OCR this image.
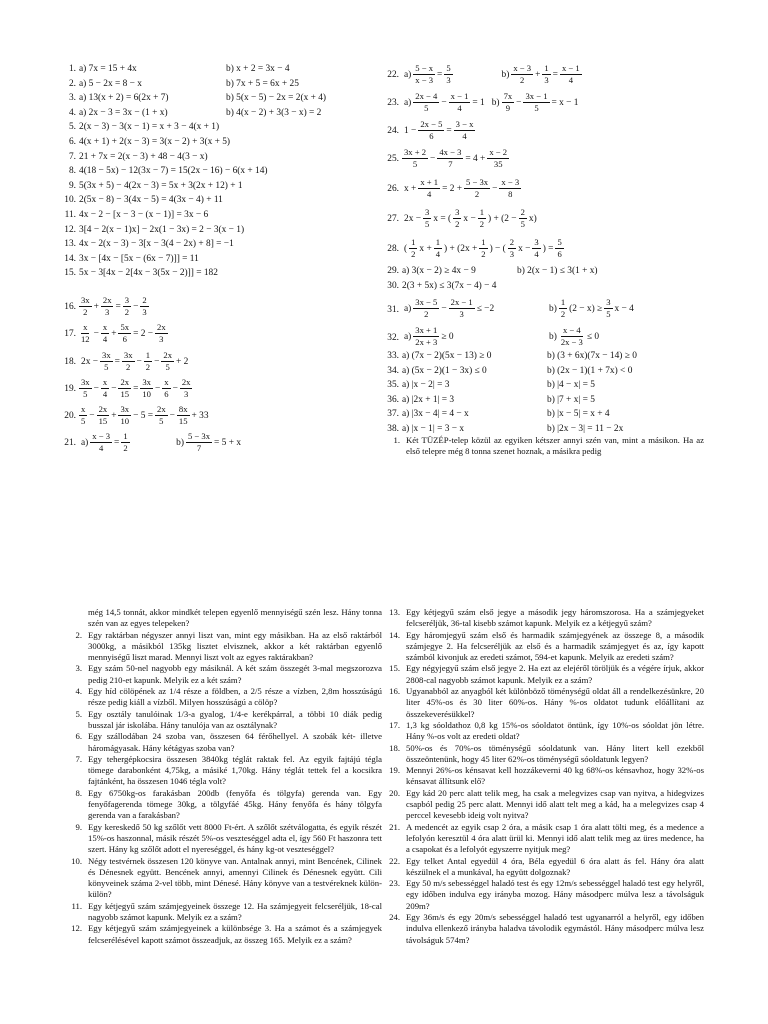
1. a) 7x = 15 + 4x	b) x + 2 = 3x − 4
2. a) 5 − 2x = 8 − x	b) 7x + 5 = 6x + 25
3. a) 13(x + 2) = 6(2x + 7)	b) 5(x − 5) − 2x = 2(x + 4)
4. a) 2x − 3 = 3x − (1 + x)	b) 4(x − 2) + 3(3 − x) = 2
5. 2(x − 3) − 3(x − 1) = x + 3 − 4(x + 1)
6. 4(x + 1) + 2(x − 3) = 3(x − 2) + 3(x + 5)
7. 21 + 7x = 2(x − 3) + 48 − 4(3 − x)
8. 4(18 − 5x) − 12(3x − 7) = 15(2x − 16) − 6(x + 14)
9. 5(3x + 5) − 4(2x − 3) = 5x + 3(2x + 12) + 1
10. 2(5x − 8) − 3(4x − 5) = 4(3x − 4) + 11
11. 4x − 2 − [x − 3 − (x − 1)] = 3x − 6
12. 3[4 − 2(x − 1)x] − 2x(1 − 3x) = 2 − 3(x − 1)
13. 4x − 2(x − 3) − 3[x − 3(4 − 2x) + 8] = −1
14. 3x − [4x − [5x − (6x − 7)]] = 11
15. 5x − 3[4x − 2[4x − 3(5x − 2)]] = 182
16. $\frac{3x}{2} + \frac{2x}{3} = \frac{3}{2} - \frac{2}{3}$
17. $\frac{x}{12} - \frac{x}{4} + \frac{5x}{6} = 2 - \frac{2x}{3}$
18. $2x - \frac{3x}{5} = \frac{3x}{2} - \frac{1}{2} - \frac{2x}{5} + 2$
19. $\frac{3x}{5} - \frac{x}{4} - \frac{2x}{15} = \frac{3x}{10} - \frac{x}{6} - \frac{2x}{3}$
20. $\frac{x}{5} - \frac{2x}{15} + \frac{3x}{10} - 5 = \frac{2x}{5} - \frac{8x}{15} + 33$
21. $a) \frac{x - 3}{4} = \frac{1}{2} b) \frac{5 - 3x}{7} = 5 + x$
22. $a) \frac{5 - x}{x - 3} = \frac{5}{3} b) \frac{x - 3}{2} + \frac{1}{3} = \frac{x - 1}{4}$
23. $a) \frac{2x - 4}{5} - \frac{x - 1}{4} = 1$   $b) \frac{7x}{9} - \frac{3x - 1}{5} = x - 1$
24. $1 - \frac{2x - 5}{6} = \frac{3 - x}{4}$
25. $\frac{3x + 2}{5} - \frac{4x - 3}{7} = 4 + \frac{x - 2}{35}$
26. $x + \frac{x + 1}{4} = 2 + \frac{5 - 3x}{2} - \frac{x - 3}{8}$
27. $2x - \frac{3}{5}$ x = ( $\frac{3}{2}$ $x - \frac{1}{2}$ ) + $(2 - \frac{2}{5} x)$
28. ( $\frac{1}{2}$ $x + \frac{1}{4}$ ) + ($2x + \frac{1}{2}$ ) − ( $\frac{2}{3}$ $x - \frac{3}{4}$ ) = $\frac{5}{6}$
29. a) 3(x − 2) ≥ 4x − 9	b) 2(x − 1) ≤ 3(1 + x)
30. 2(3 + 5x) ≤ 3(7x − 4) − 4
31. $a) \frac{3x - 5}{2} - \frac{2x - 1}{3} \le -2$	$b) \frac{1}{2} (2 - x) \ge \frac{3}{5}$ x − 4
32. $a) \frac{3x + 1}{2x + 3} \ge 0$	$b) \frac{x - 4}{2x - 3} \le 0$
33. a) (7x − 2)(5x − 13) ≥ 0	b) (3 + 6x)(7x − 14) ≥ 0
34. a) (5x − 2)(1 − 3x) ≤ 0	b) (2x − 1)(1 + 7x) < 0
35. a) |x − 2| = 3	b) |4 − x| = 5
36. a) |2x + 1| = 3	b) |7 + x| = 5
37. a) |3x − 4| = 4 − x	b) |x − 5| = x + 4
38. a) |x − 1| = 3 − x	b) |2x − 3| = 11 − 2x
1. Két TÜZÉP-telep közül az egyiken kétszer annyi szén van, mint a másikon. Ha az első telepre még 8 tonna szenet hoznak, a másikra pedig
még 14,5 tonnát, akkor mindkét telepen egyenlő mennyiségű szén lesz. Hány tonna szén van az egyes telepeken?
2. Egy raktárban négyszer annyi liszt van, mint egy másikban. Ha az első raktárból 3000kg, a másikból 135kg lisztet elvisznek, akkor a két raktárban egyenlő mennyiségű liszt marad. Mennyi liszt volt az egyes raktárakban?
3. Egy szám 50-nel nagyobb egy másiknál. A két szám összegét 3-mal megszorozva pedig 210-et kapunk. Melyik ez a két szám?
4. Egy híd cölöpének az 1/4 része a földben, a 2/5 része a vízben, 2,8m hosszúságú része pedig kiáll a vízből. Milyen hosszúságú a cölöp?
5. Egy osztály tanulóinak 1/3-a gyalog, 1/4-e kerékpárral, a többi 10 diák pedig busszal jár iskolába. Hány tanulója van az osztálynak?
6. Egy szállodában 24 szoba van, összesen 64 férőhellyel. A szobák két- illetve háromágyasak. Hány kétágyas szoba van?
7. Egy tehergépkocsira összesen 3840kg téglát raktak fel. Az egyik fajtájú tégla tömege darabonként 4,75kg, a másiké 1,70kg. Hány téglát tettek fel a kocsikra fajtánként, ha összesen 1046 tégla volt?
8. Egy 6750kg-os farakásban 200db (fenyőfa és tölgyfa) gerenda van. Egy fenyőfagerenda tömege 30kg, a tölgyfáé 45kg. Hány fenyőfa és hány tölgyfa gerenda van a farakásban?
9. Egy kereskedő 50 kg szőlőt vett 8000 Ft-ért. A szőlőt szétválogatta, és egyik részét 15%-os haszonnal, másik részét 5%-os veszteséggel adta el, így 560 Ft haszonra tett szert. Hány kg szőlőt adott el nyereséggel, és hány kg-ot veszteséggel?
10. Négy testvérnek összesen 120 könyve van. Antalnak annyi, mint Bencének, Cilinek és Dénesnek együtt. Bencének annyi, amennyi Cilinek és Dénesnek együtt. Cili könyveinek száma 2-vel több, mint Dénesé. Hány könyve van a testvéreknek külön-külön?
11. Egy kétjegyű szám számjegyeinek összege 12. Ha számjegyeit felcseréljük, 18-cal nagyobb számot kapunk. Melyik ez a szám?
12. Egy kétjegyű szám számjegyeinek a különbsége 3. Ha a számot és a számjegyek felcserélésével kapott számot összeadjuk, az összeg 165. Melyik ez a szám?
13. Egy kétjegyű szám első jegye a második jegy háromszorosa. Ha a számjegyeket felcseréljük, 36-tal kisebb számot kapunk. Melyik ez a kétjegyű szám?
14. Egy háromjegyű szám első és harmadik számjegyének az összege 8, a második számjegye 2. Ha felcseréljük az első és a harmadik számjegyet és az, így kapott számból kivonjuk az eredeti számot, 594-et kapunk. Melyik az eredeti szám?
15. Egy négyjegyű szám első jegye 2. Ha ezt az elejéről töröljük és a végére írjuk, akkor 2808-cal nagyobb számot kapunk. Melyik ez a szám?
16. Ugyanabból az anyagból két különböző töménységű oldat áll a rendelkezésünkre, 20 liter 45%-os és 30 liter 60%-os. Hány %-os oldatot tudunk előállítani az összekeverésükkel?
17. 1,3 kg sóoldathoz 0,8 kg 15%-os sóoldatot öntünk, így 10%-os sóoldat jön létre. Hány %-os volt az eredeti oldat?
18. 50%-os és 70%-os töménységű sóoldatunk van. Hány litert kell ezekből összeöntenünk, hogy 45 liter 62%-os töménységű sóoldatunk legyen?
19. Mennyi 26%-os kénsavat kell hozzákeverni 40 kg 68%-os kénsavhoz, hogy 32%-os kénsavat állítsunk elő?
20. Egy kád 20 perc alatt telik meg, ha csak a melegvizes csap van nyitva, a hidegvizes csapból pedig 25 perc alatt. Mennyi idő alatt telt meg a kád, ha a melegvizes csap 4 perccel kevesebb ideig volt nyitva?
21. A medencét az egyik csap 2 óra, a másik csap 1 óra alatt tölti meg, és a medence a lefolyón keresztül 4 óra alatt ürül ki. Mennyi idő alatt telik meg az üres medence, ha a csapokat és a lefolyót egyszerre nyitjuk meg?
22. Egy telket Antal egyedül 4 óra, Béla egyedül 6 óra alatt ás fel. Hány óra alatt készülnek el a munkával, ha együtt dolgoznak?
23. Egy 50 m/s sebességgel haladó test és egy 12m/s sebességgel haladó test egy helyről, egy időben indulva egy irányba mozog. Hány másodperc múlva lesz a távolságuk 209m?
24. Egy 36m/s és egy 20m/s sebességgel haladó test ugyanarról a helyről, egy időben indulva ellenkező irányba haladva távolodik egymástól. Hány másodperc múlva lesz távolságuk 574m?
